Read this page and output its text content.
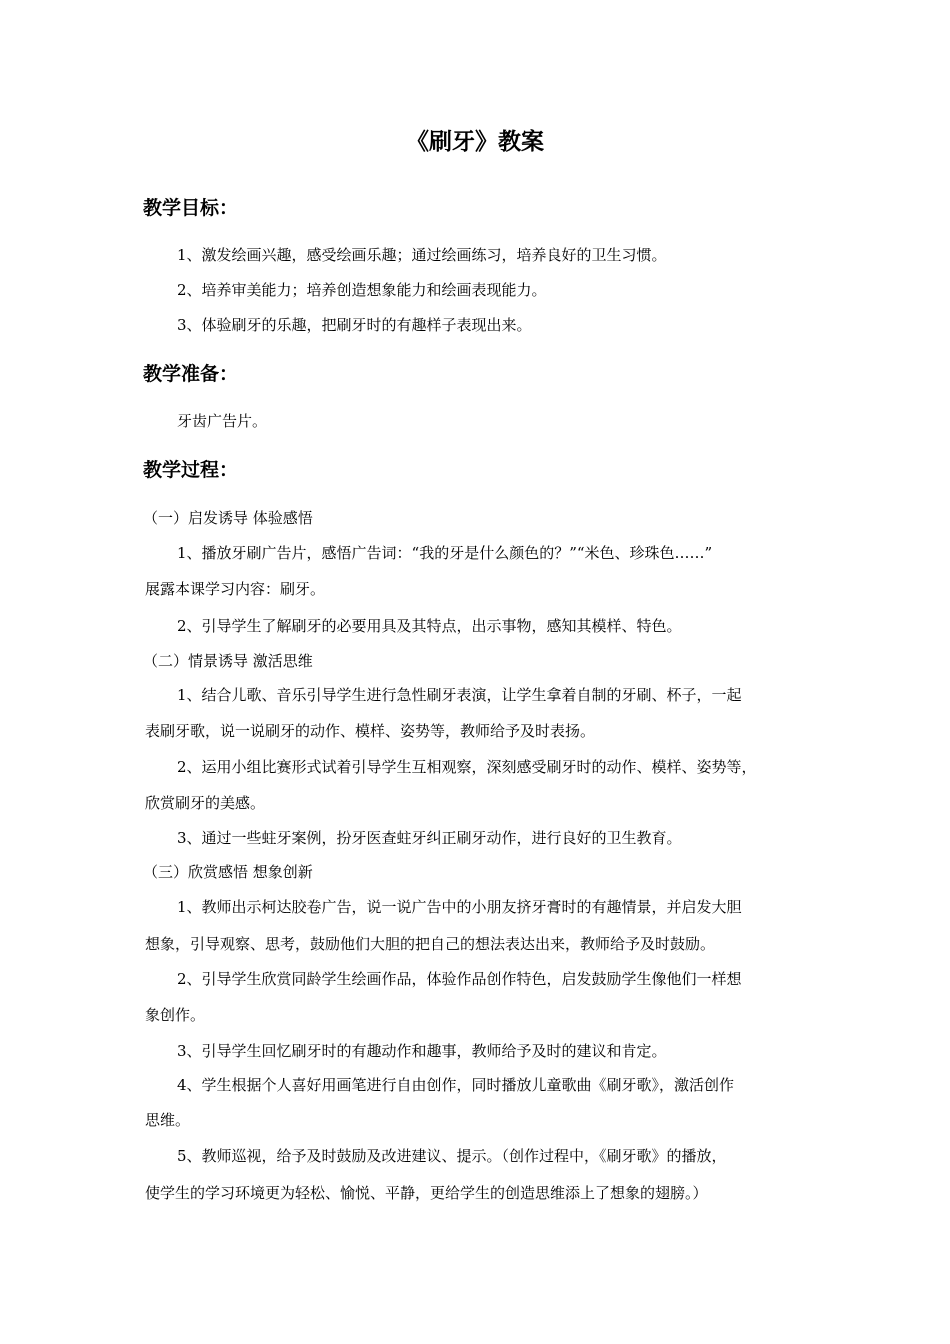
《刷牙》教案
教学目标：
1、激发绘画兴趣，感受绘画乐趣；通过绘画练习，培养良好的卫生习惯。
2、培养审美能力；培养创造想象能力和绘画表现能力。
3、体验刷牙的乐趣，把刷牙时的有趣样子表现出来。
教学准备：
牙齿广告片。
教学过程：
（一）启发诱导 体验感悟
1、播放牙刷广告片，感悟广告词：“我的牙是什么颜色的？”“米色、珍珠色……”
展露本课学习内容：刷牙。
2、引导学生了解刷牙的必要用具及其特点，出示事物，感知其模样、特色。
（二）情景诱导 激活思维
1、结合儿歌、音乐引导学生进行急性刷牙表演，让学生拿着自制的牙刷、杯子，一起
表刷牙歌，说一说刷牙的动作、模样、姿势等，教师给予及时表扬。
2、运用小组比赛形式试着引导学生互相观察，深刻感受刷牙时的动作、模样、姿势等，
欣赏刷牙的美感。
3、通过一些蛀牙案例，扮牙医查蛀牙纠正刷牙动作，进行良好的卫生教育。
（三）欣赏感悟 想象创新
1、教师出示柯达胶卷广告，说一说广告中的小朋友挤牙膏时的有趣情景，并启发大胆
想象，引导观察、思考，鼓励他们大胆的把自己的想法表达出来，教师给予及时鼓励。
2、引导学生欣赏同龄学生绘画作品，体验作品创作特色，启发鼓励学生像他们一样想
象创作。
3、引导学生回忆刷牙时的有趣动作和趣事，教师给予及时的建议和肯定。
4、学生根据个人喜好用画笔进行自由创作，同时播放儿童歌曲《刷牙歌》，激活创作
思维。
5、教师巡视，给予及时鼓励及改进建议、提示。（创作过程中，《刷牙歌》的播放，
使学生的学习环境更为轻松、愉悦、平静，更给学生的创造思维添上了想象的翅膀。）
